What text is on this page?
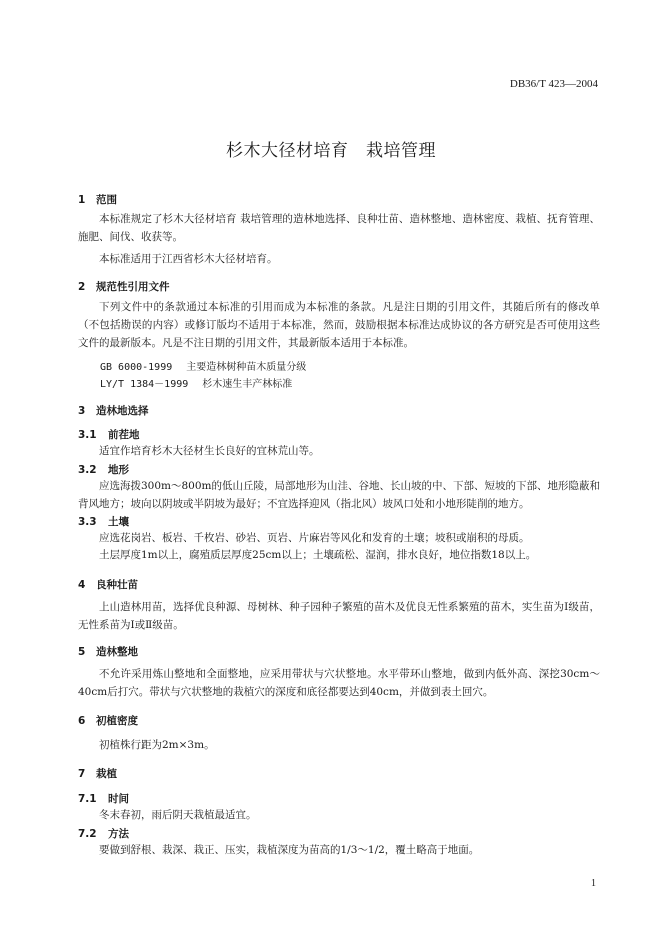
DB36/T 423—2004
杉木大径材培育　栽培管理
1 范围
本标准规定了杉木大径材培育 栽培管理的造林地选择、良种壮苗、造林整地、造林密度、栽植、抚育管理、施肥、间伐、收获等。
本标准适用于江西省杉木大径材培育。
2 规范性引用文件
下列文件中的条款通过本标准的引用而成为本标准的条款。凡是注日期的引用文件，其随后所有的修改单（不包括勘误的内容）或修订版均不适用于本标准，然而，鼓励根据本标准达成协议的各方研究是否可使用这些文件的最新版本。凡是不注日期的引用文件，其最新版本适用于本标准。
GB 6000-1999 主要造林树种苗木质量分级
LY/T 1384－1999 杉木速生丰产林标准
3 造林地选择
3.1 前茬地
适宜作培育杉木大径材生长良好的宜林荒山等。
3.2 地形
应选海拨300m～800m的低山丘陵，局部地形为山洼、谷地、长山坡的中、下部、短坡的下部、地形隐蔽和背风地方；坡向以阴坡或半阴坡为最好；不宜选择迎风（指北风）坡风口处和小地形陡削的地方。
3.3 土壤
应选花岗岩、板岩、千枚岩、砂岩、页岩、片麻岩等风化和发育的土壤；坡积或崩积的母质。
土层厚度1m以上，腐殖质层厚度25cm以上；土壤疏松、湿润，排水良好，地位指数18以上。
4 良种壮苗
上山造林用苗，选择优良种源、母树林、种子园种子繁殖的苗木及优良无性系繁殖的苗木，实生苗为Ⅰ级苗，无性系苗为Ⅰ或Ⅱ级苗。
5 造林整地
不允许采用炼山整地和全面整地，应采用带状与穴状整地。水平带环山整地，做到内低外高、深挖30cm～40cm后打穴。带状与穴状整地的栽植穴的深度和底径都要达到40cm，并做到表土回穴。
6 初植密度
初植株行距为2m×3m。
7 栽植
7.1 时间
冬末春初，雨后阴天栽植最适宜。
7.2 方法
要做到舒根、栽深、栽正、压实，栽植深度为苗高的1/3～1/2，覆土略高于地面。
1
